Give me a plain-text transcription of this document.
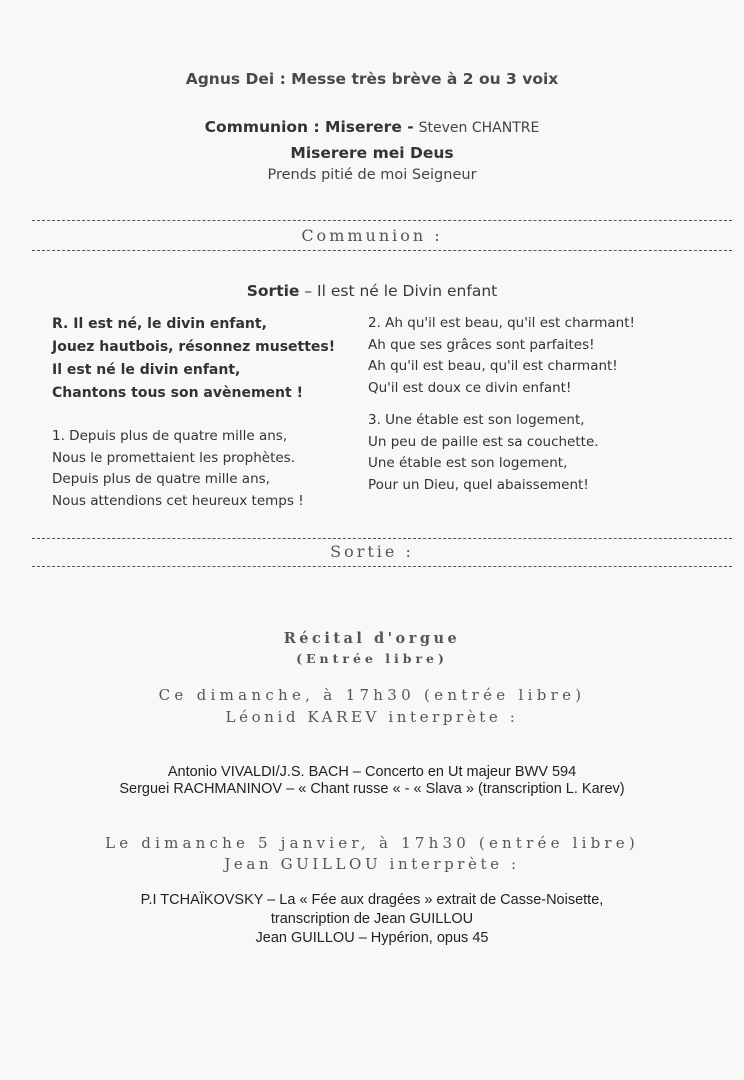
Agnus Dei : Messe très brève à 2 ou 3 voix
Communion : Miserere - Steven CHANTRE
Miserere mei Deus
Prends pitié de moi Seigneur
Communion :
Sortie – Il est né le Divin enfant
R. Il est né, le divin enfant,
Jouez hautbois, résonnez musettes!
Il est né le divin enfant,
Chantons tous son avènement !
1. Depuis plus de quatre mille ans,
Nous le promettaient les prophètes.
Depuis plus de quatre mille ans,
Nous attendions cet heureux temps !
2. Ah qu'il est beau, qu'il est charmant!
Ah que ses grâces sont parfaites!
Ah qu'il est beau, qu'il est charmant!
Qu'il est doux ce divin enfant!
3. Une étable est son logement,
Un peu de paille est sa couchette.
Une étable est son logement,
Pour un Dieu, quel abaissement!
Sortie :
Récital d'orgue
(Entrée libre)
Ce dimanche, à 17h30 (entrée libre)
Léonid KAREV interprète :
Antonio VIVALDI/J.S. BACH – Concerto en Ut majeur BWV 594
Serguei RACHMANINOV – « Chant russe « - « Slava » (transcription L. Karev)
Le dimanche 5 janvier, à 17h30 (entrée libre)
Jean GUILLOU interprète :
P.I TCHAÏKOVSKY – La « Fée aux dragées » extrait de Casse-Noisette,
transcription de Jean GUILLOU
Jean GUILLOU – Hypérion, opus 45
